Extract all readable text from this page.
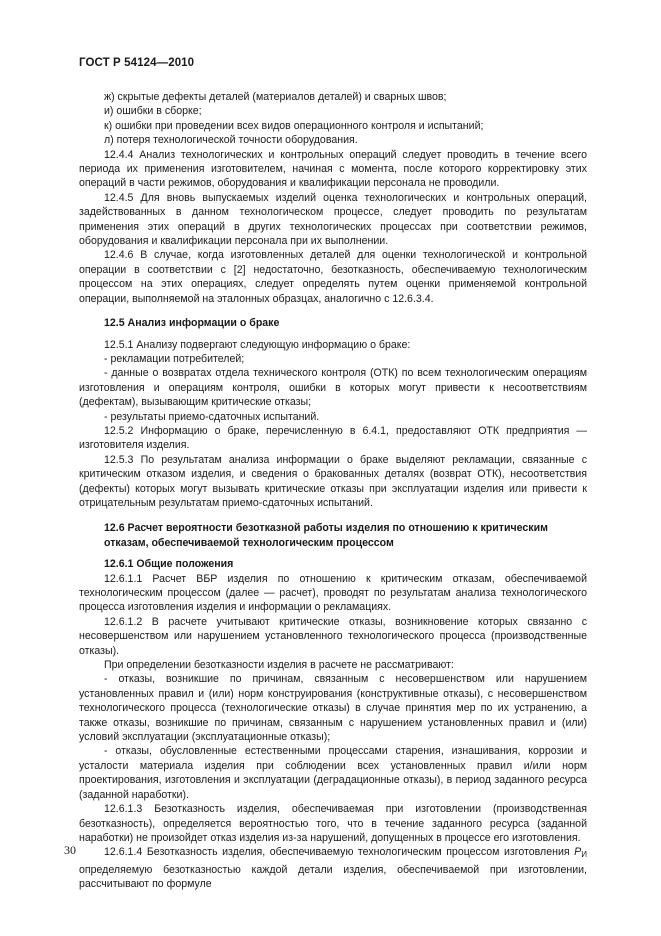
ГОСТ Р 54124—2010

ж) скрытые дефекты деталей (материалов деталей) и сварных швов;

и) ошибки в сборке;

к) ошибки при проведении всех видов операционного контроля и испытаний;

л) потеря технологической точности оборудования.

12.4.4 Анализ технологических и контрольных операций следует проводить в течение всего периода их применения изготовителем, начиная с момента, после которого корректировку этих операций в части режимов, оборудования и квалификации персонала не проводили.

12.4.5 Для вновь выпускаемых изделий оценка технологических и контрольных операций, задействованных в данном технологическом процессе, следует проводить по результатам применения этих операций в других технологических процессах при соответствии режимов, оборудования и квалификации персонала при их выполнении.

12.4.6 В случае, когда изготовленных деталей для оценки технологической и контрольной операции в соответствии с [2] недостаточно, безотказность, обеспечиваемую технологическим процессом на этих операциях, следует определять путем оценки применяемой контрольной операции, выполняемой на эталонных образцах, аналогично с 12.6.3.4.

12.5 Анализ информации о браке

12.5.1 Анализу подвергают следующую информацию о браке:

- рекламации потребителей;

- данные о возвратах отдела технического контроля (ОТК) по всем технологическим операциям изготовления и операциям контроля, ошибки в которых могут привести к несоответствиям (дефектам), вызывающим критические отказы;

- результаты приемо-сдаточных испытаний.

12.5.2 Информацию о браке, перечисленную в 6.4.1, предоставляют ОТК предприятия — изготовителя изделия.

12.5.3 По результатам анализа информации о браке выделяют рекламации, связанные с критическим отказом изделия, и сведения о бракованных деталях (возврат ОТК), несоответствия (дефекты) которых могут вызывать критические отказы при эксплуатации изделия или привести к отрицательным результатам приемо-сдаточных испытаний.

12.6 Расчет вероятности безотказной работы изделия по отношению к критическим отказам, обеспечиваемой технологическим процессом

12.6.1 Общие положения

12.6.1.1 Расчет ВБР изделия по отношению к критическим отказам, обеспечиваемой технологическим процессом (далее — расчет), проводят по результатам анализа технологического процесса изготовления изделия и информации о рекламациях.

12.6.1.2 В расчете учитывают критические отказы, возникновение которых связанно с несовершенством или нарушением установленного технологического процесса (производственные отказы).

При определении безотказности изделия в расчете не рассматривают:

- отказы, возникшие по причинам, связанным с несовершенством или нарушением установленных правил и (или) норм конструирования (конструктивные отказы), с несовершенством технологического процесса (технологические отказы) в случае принятия мер по их устранению, а также отказы, возникшие по причинам, связанным с нарушением установленных правил и (или) условий эксплуатации (эксплуатационные отказы);

- отказы, обусловленные естественными процессами старения, изнашивания, коррозии и усталости материала изделия при соблюдении всех установленных правил и/или норм проектирования, изготовления и эксплуатации (деградационные отказы), в период заданного ресурса (заданной наработки).

12.6.1.3 Безотказность изделия, обеспечиваемая при изготовлении (производственная безотказность), определяется вероятностью того, что в течение заданного ресурса (заданной наработки) не произойдет отказ изделия из-за нарушений, допущенных в процессе его изготовления.

12.6.1.4 Безотказность изделия, обеспечиваемую технологическим процессом изготовления $P_И$ определяемую безотказностью каждой детали изделия, обеспечиваемой при изготовлении, рассчитывают по формуле

30
